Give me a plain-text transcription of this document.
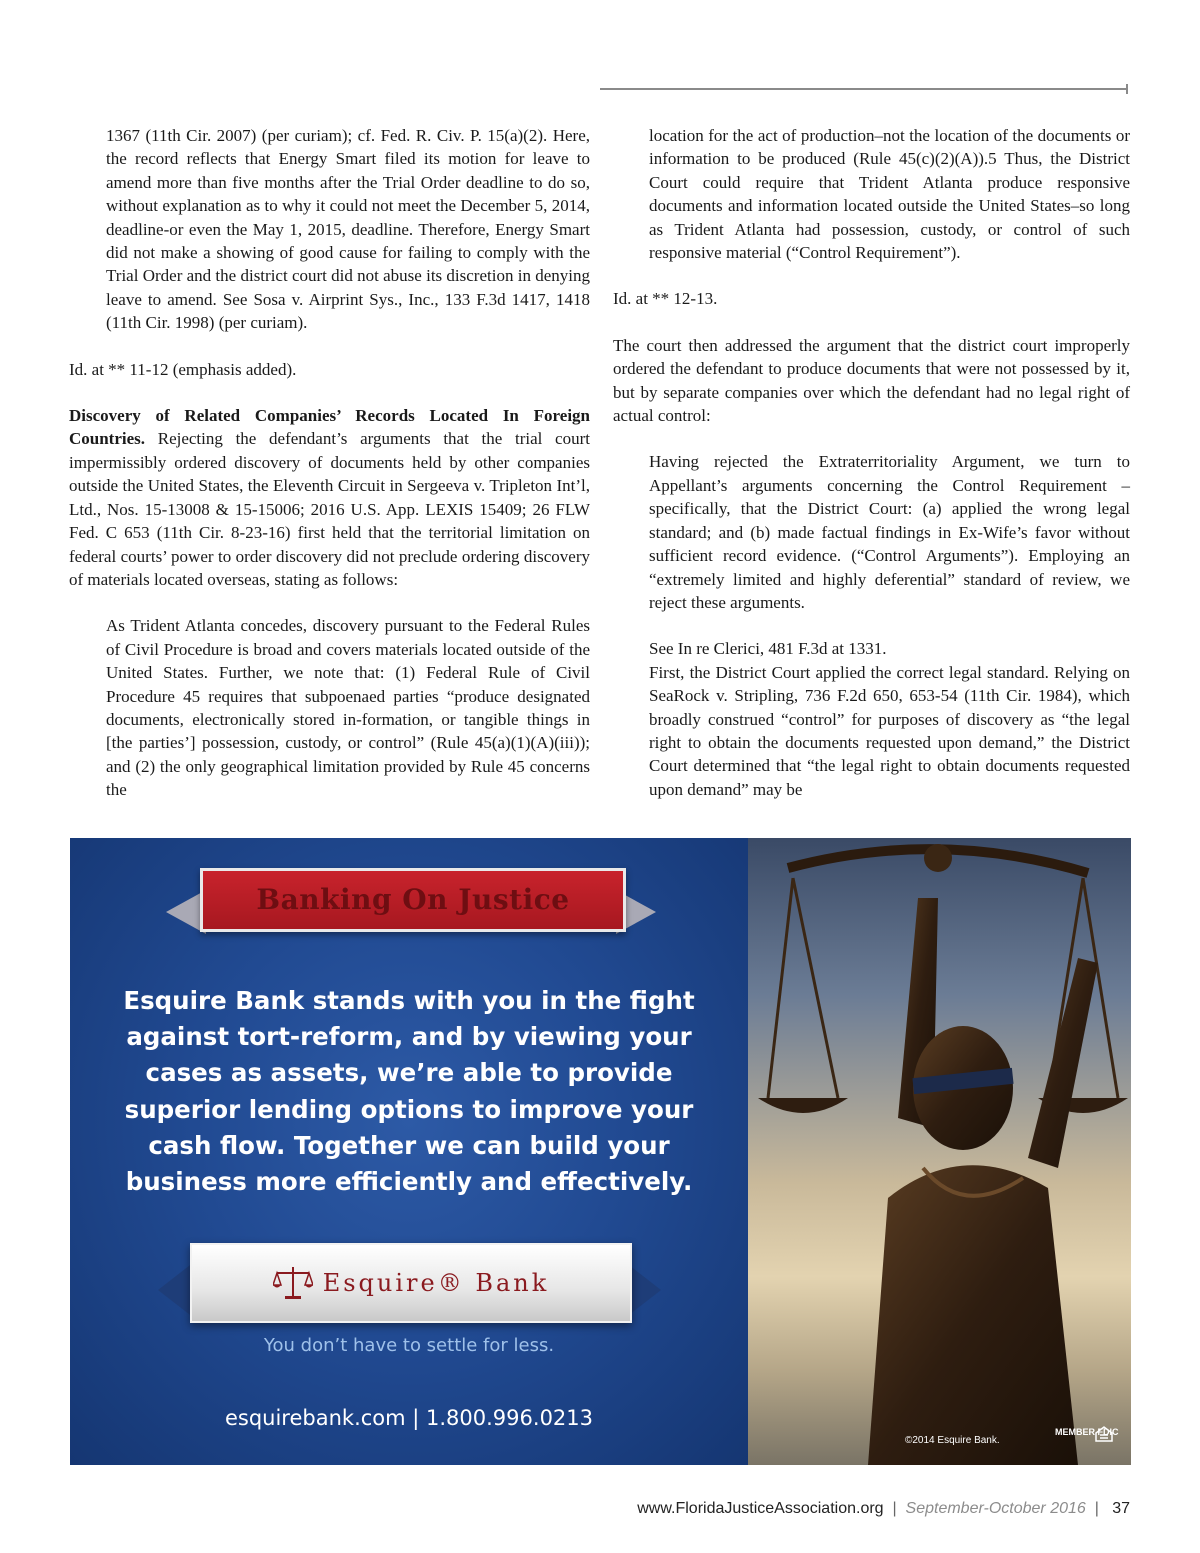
1367 (11th Cir. 2007) (per curiam); cf. Fed. R. Civ. P. 15(a)(2). Here, the record reflects that Energy Smart filed its motion for leave to amend more than five months after the Trial Order deadline to do so, without explanation as to why it could not meet the December 5, 2014, deadline-or even the May 1, 2015, deadline. Therefore, Energy Smart did not make a showing of good cause for failing to comply with the Trial Order and the district court did not abuse its discretion in denying leave to amend. See Sosa v. Airprint Sys., Inc., 133 F.3d 1417, 1418 (11th Cir. 1998) (per curiam).

Id. at ** 11-12 (emphasis added).

Discovery of Related Companies’ Records Located In Foreign Countries. Rejecting the defendant’s arguments that the trial court impermissibly ordered discovery of documents held by other companies outside the United States, the Eleventh Circuit in Sergeeva v. Tripleton Int’l, Ltd., Nos. 15-13008 & 15-15006; 2016 U.S. App. LEXIS 15409; 26 FLW Fed. C 653 (11th Cir. 8-23-16) first held that the territorial limitation on federal courts’ power to order discovery did not preclude ordering discovery of materials located overseas, stating as follows:

As Trident Atlanta concedes, discovery pursuant to the Federal Rules of Civil Procedure is broad and covers materials located outside of the United States. Further, we note that: (1) Federal Rule of Civil Procedure 45 requires that subpoenaed parties “produce designated documents, electronically stored in-formation, or tangible things in [the parties’] possession, custody, or control” (Rule 45(a)(1)(A)(iii)); and (2) the only geographical limitation provided by Rule 45 concerns the

location for the act of production–not the location of the documents or information to be produced (Rule 45(c)(2)(A)).5 Thus, the District Court could require that Trident Atlanta produce responsive documents and information located outside the United States–so long as Trident Atlanta had possession, custody, or control of such responsive material (“Control Requirement”).

Id. at ** 12-13.

The court then addressed the argument that the district court improperly ordered the defendant to produce documents that were not possessed by it, but by separate companies over which the defendant had no legal right of actual control:

Having rejected the Extraterritoriality Argument, we turn to Appellant’s arguments concerning the Control Requirement – specifically, that the District Court: (a) applied the wrong legal standard; and (b) made factual findings in Ex-Wife’s favor without sufficient record evidence. (“Control Arguments”). Employing an “extremely limited and highly deferential” standard of review, we reject these arguments.

See In re Clerici, 481 F.3d at 1331.

First, the District Court applied the correct legal standard. Relying on SeaRock v. Stripling, 736 F.2d 650, 653-54 (11th Cir. 1984), which broadly construed “control” for purposes of discovery as “the legal right to obtain the documents requested upon demand,” the District Court determined that “the legal right to obtain documents requested upon demand” may be

Banking On Justice
Esquire Bank stands with you in the fight against tort-reform, and by viewing your cases as assets, we’re able to provide superior lending options to improve your cash flow. Together we can build your business more efficiently and effectively.
Esquire® Bank
You don’t have to settle for less.
esquirebank.com | 1.800.996.0213
©2014 Esquire Bank.
MEMBER FDIC
www.FloridaJusticeAssociation.org  |  September-October 2016  |   37
